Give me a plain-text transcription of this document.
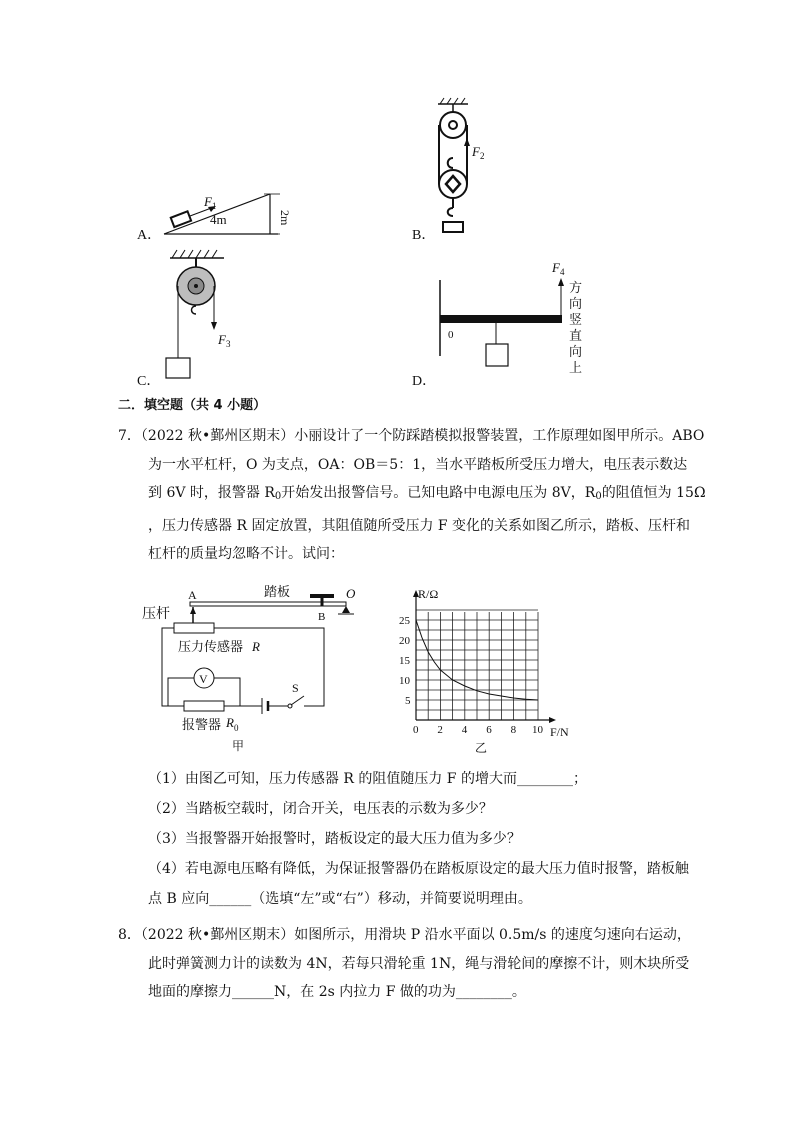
A．
F 1
4m	2m
B．
F 2
C．
F 3
D．
F 4
0
方
向
竖
直
向
上
二．填空题（共 4 小题）
7．（2022 秋•鄞州区期末）小丽设计了一个防踩踏模拟报警装置，工作原理如图甲所示。ABO
为一水平杠杆，O 为支点，OA：OB＝5：1，当水平踏板所受压力增大，电压表示数达
到 6V 时，报警器 $R_0$开始发出报警信号。已知电路中电源电压为 8V，$R_0$的阻值恒为 15Ω
，压力传感器 R 固定放置，其阻值随所受压力 F 变化的关系如图乙所示，踏板、压杆和
杠杆的质量均忽略不计。试问：
A	踏板	O
B
压杆
压力传感器 R
V
S
报警器 R 0
甲
0 2 4 6 8 10
5
10
15
20
25
R/Ω
F/N
乙
（1）由图乙可知，压力传感器 R 的阻值随压力 F 的增大而________；
（2）当踏板空载时，闭合开关，电压表的示数为多少？
（3）当报警器开始报警时，踏板设定的最大压力值为多少？
（4）若电源电压略有降低，为保证报警器仍在踏板原设定的最大压力值时报警，踏板触
点 B 应向______（选填“左”或“右”）移动，并简要说明理由。
8．（2022 秋•鄞州区期末）如图所示，用滑块 P 沿水平面以 0.5m/s 的速度匀速向右运动，
此时弹簧测力计的读数为 4N，若每只滑轮重 1N，绳与滑轮间的摩擦不计，则木块所受
地面的摩擦力______N，在 2s 内拉力 F 做的功为________。
